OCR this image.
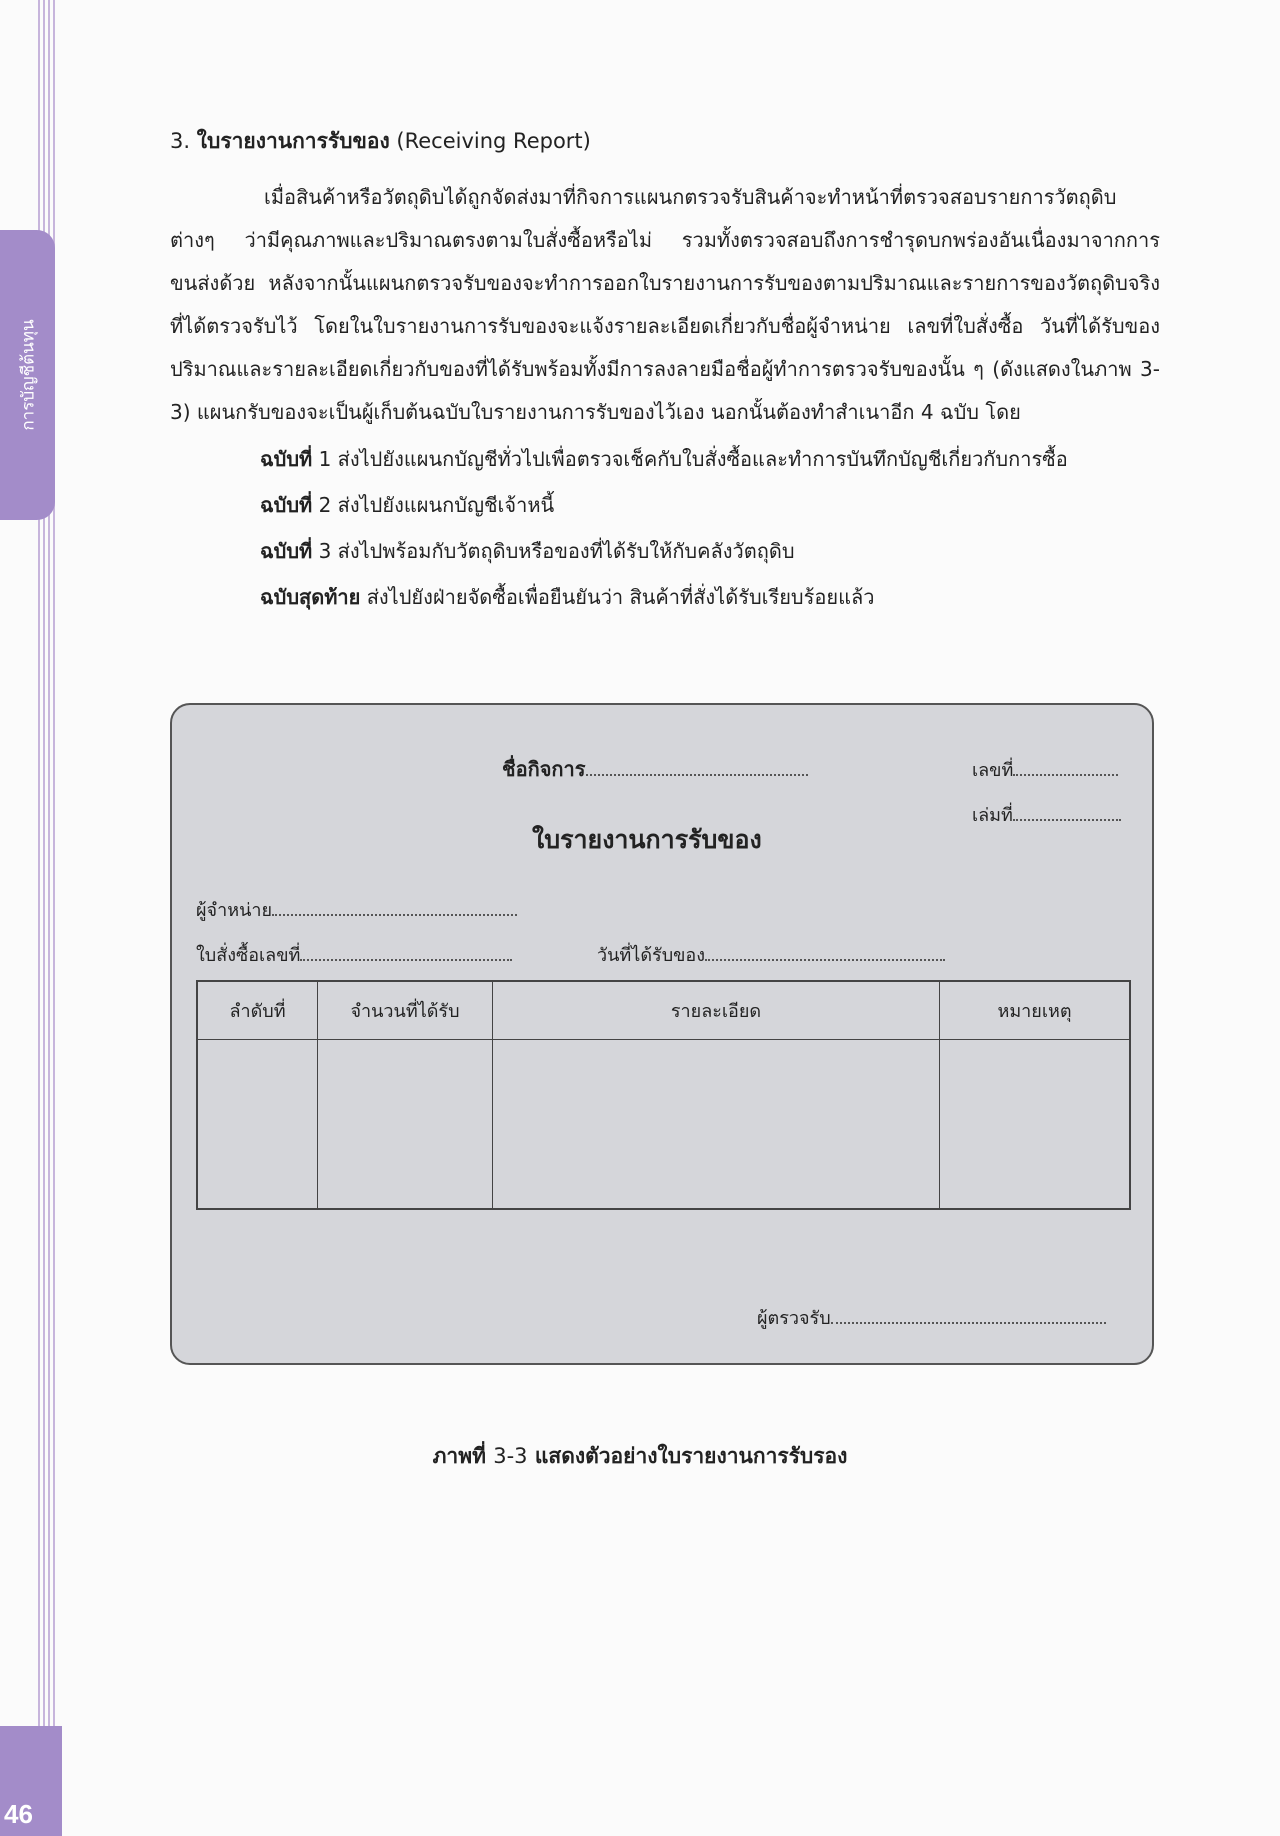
การบัญชีต้นทุน
46

3. ใบรายงานการรับของ (Receiving Report)

เมื่อสินค้าหรือวัตถุดิบได้ถูกจัดส่งมาที่กิจการแผนกตรวจรับสินค้าจะทำหน้าที่ตรวจสอบรายการวัตถุดิบต่างๆ ว่ามีคุณภาพและปริมาณตรงตามใบสั่งซื้อหรือไม่ รวมทั้งตรวจสอบถึงการชำรุดบกพร่องอันเนื่องมาจากการขนส่งด้วย หลังจากนั้นแผนกตรวจรับของจะทำการออกใบรายงานการรับของตามปริมาณและรายการของวัตถุดิบจริงที่ได้ตรวจรับไว้ โดยในใบรายงานการรับของจะแจ้งรายละเอียดเกี่ยวกับชื่อผู้จำหน่าย เลขที่ใบสั่งซื้อ วันที่ได้รับของ ปริมาณและรายละเอียดเกี่ยวกับของที่ได้รับพร้อมทั้งมีการลงลายมือชื่อผู้ทำการตรวจรับของนั้น ๆ (ดังแสดงในภาพ 3-3) แผนกรับของจะเป็นผู้เก็บต้นฉบับใบรายงานการรับของไว้เอง นอกนั้นต้องทำสำเนาอีก 4 ฉบับ โดย

ฉบับที่ 1 ส่งไปยังแผนกบัญชีทั่วไปเพื่อตรวจเช็คกับใบสั่งซื้อและทำการบันทึกบัญชีเกี่ยวกับการซื้อ

ฉบับที่ 2 ส่งไปยังแผนกบัญชีเจ้าหนี้

ฉบับที่ 3 ส่งไปพร้อมกับวัตถุดิบหรือของที่ได้รับให้กับคลังวัตถุดิบ

ฉบับสุดท้าย ส่งไปยังฝ่ายจัดซื้อเพื่อยืนยันว่า สินค้าที่สั่งได้รับเรียบร้อยแล้ว

ชื่อกิจการ	เลขที่
เล่มที่
ใบรายงานการรับของ
ผู้จำหน่าย
ใบสั่งซื้อเลขที่	วันที่ได้รับของ
ลำดับที่	จำนวนที่ได้รับ	รายละเอียด	หมายเหตุ

ผู้ตรวจรับ
ภาพที่ 3-3 แสดงตัวอย่างใบรายงานการรับรอง
